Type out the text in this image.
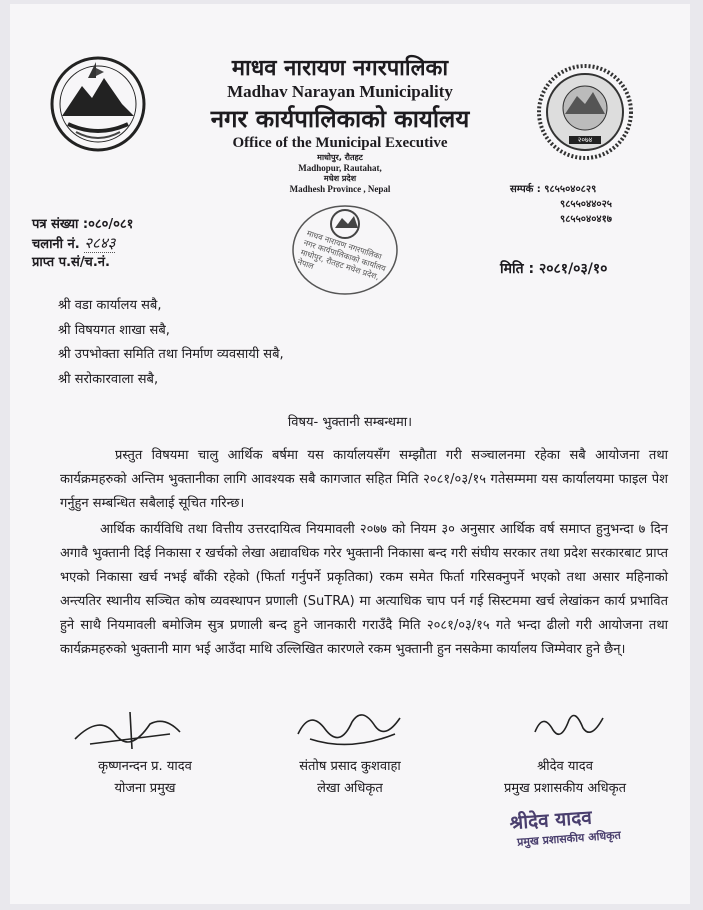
२०७४
माधव नारायण नगरपालिका
Madhav Narayan Municipality
नगर कार्यपालिकाको कार्यालय
Office of the Municipal Executive
माधोपुर, रौतहट
Madhopur, Rautahat,
मधेश प्रदेश
Madhesh Province , Nepal	सम्पर्क : ९८५५०४०८२९
९८५५०४४०२५
९८५५०४०४१७
पत्र संख्या :०८०/०८१
चलानी नं. २८४३
प्राप्त प.सं/च.नं.
माधव नारायण नगरपालिका नगर कार्यपालिकाको कार्यालय माधोपुर, रौतहट मधेश प्रदेश, नेपाल	मिति : २०८१/०३/१०
श्री वडा कार्यालय सबै,
श्री विषयगत शाखा सबै,
श्री उपभोक्ता समिति तथा निर्माण व्यवसायी सबै,
श्री सरोकारवाला सबै,
विषय- भुक्तानी सम्बन्धमा।
प्रस्तुत विषयमा चालु आर्थिक बर्षमा यस कार्यालयसँग सम्झौता गरी सञ्चालनमा रहेका सबै आयोजना तथा कार्यक्रमहरुको अन्तिम भुक्तानीका लागि आवश्यक सबै कागजात सहित मिति २०८१/०३/१५ गतेसम्ममा यस कार्यालयमा फाइल पेश गर्नुहुन सम्बन्धित सबैलाई सूचित गरिन्छ।
आर्थिक कार्यविधि तथा वित्तीय उत्तरदायित्व नियमावली २०७७ को नियम ३० अनुसार आर्थिक वर्ष समाप्त हुनुभन्दा ७ दिन अगावै भुक्तानी दिई निकासा र खर्चको लेखा अद्यावधिक गरेर भुक्तानी निकासा बन्द गरी संघीय सरकार तथा प्रदेश सरकारबाट प्राप्त भएको निकासा खर्च नभई बाँकी रहेको (फिर्ता गर्नुपर्ने प्रकृतिका) रकम समेत फिर्ता गरिसक्नुपर्ने भएको तथा असार महिनाको अन्त्यतिर स्थानीय सञ्चित कोष व्यवस्थापन प्रणाली (SuTRA) मा अत्याधिक चाप पर्न गई सिस्टममा खर्च लेखांकन कार्य प्रभावित हुने साथै नियमावली बमोजिम सुत्र प्रणाली बन्द हुने जानकारी गराउँदै मिति २०८१/०३/१५ गते भन्दा ढीलो गरी आयोजना तथा कार्यक्रमहरुको भुक्तानी माग भई आउँदा माथि उल्लिखित कारणले रकम भुक्तानी हुन नसकेमा कार्यालय जिम्मेवार हुने छैन्।
कृष्णनन्दन प्र. यादव
योजना प्रमुख
संतोष प्रसाद कुशवाहा
लेखा अधिकृत
श्रीदेव यादव
प्रमुख प्रशासकीय अधिकृत
श्रीदेव यादव
प्रमुख प्रशासकीय अधिकृत
